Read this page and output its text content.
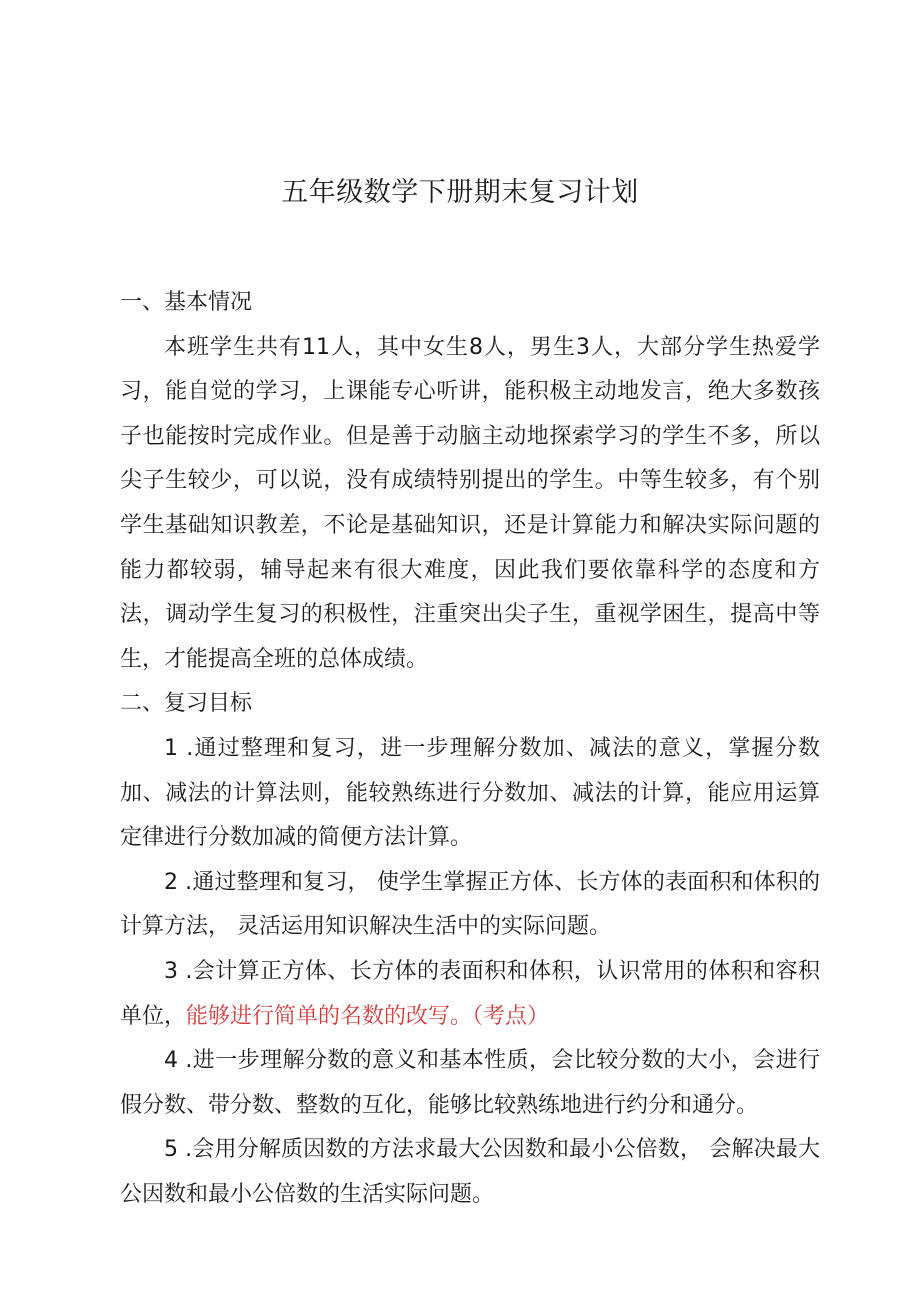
五年级数学下册期末复习计划

一、基本情况

本班学生共有11人，其中女生8人，男生3人，大部分学生热爱学习，能自觉的学习，上课能专心听讲，能积极主动地发言，绝大多数孩子也能按时完成作业。但是善于动脑主动地探索学习的学生不多，所以尖子生较少，可以说，没有成绩特别提出的学生。中等生较多，有个别学生基础知识教差，不论是基础知识，还是计算能力和解决实际问题的能力都较弱，辅导起来有很大难度，因此我们要依靠科学的态度和方法，调动学生复习的积极性，注重突出尖子生，重视学困生，提高中等生，才能提高全班的总体成绩。

二、复习目标

1 .通过整理和复习，进一步理解分数加、减法的意义，掌握分数加、减法的计算法则，能较熟练进行分数加、减法的计算，能应用运算定律进行分数加减的简便方法计算。

2 .通过整理和复习， 使学生掌握正方体、长方体的表面积和体积的计算方法， 灵活运用知识解决生活中的实际问题。

3 .会计算正方体、长方体的表面积和体积，认识常用的体积和容积单位，能够进行简单的名数的改写。（考点）

4 .进一步理解分数的意义和基本性质，会比较分数的大小，会进行假分数、带分数、整数的互化，能够比较熟练地进行约分和通分。

5 .会用分解质因数的方法求最大公因数和最小公倍数， 会解决最大公因数和最小公倍数的生活实际问题。
